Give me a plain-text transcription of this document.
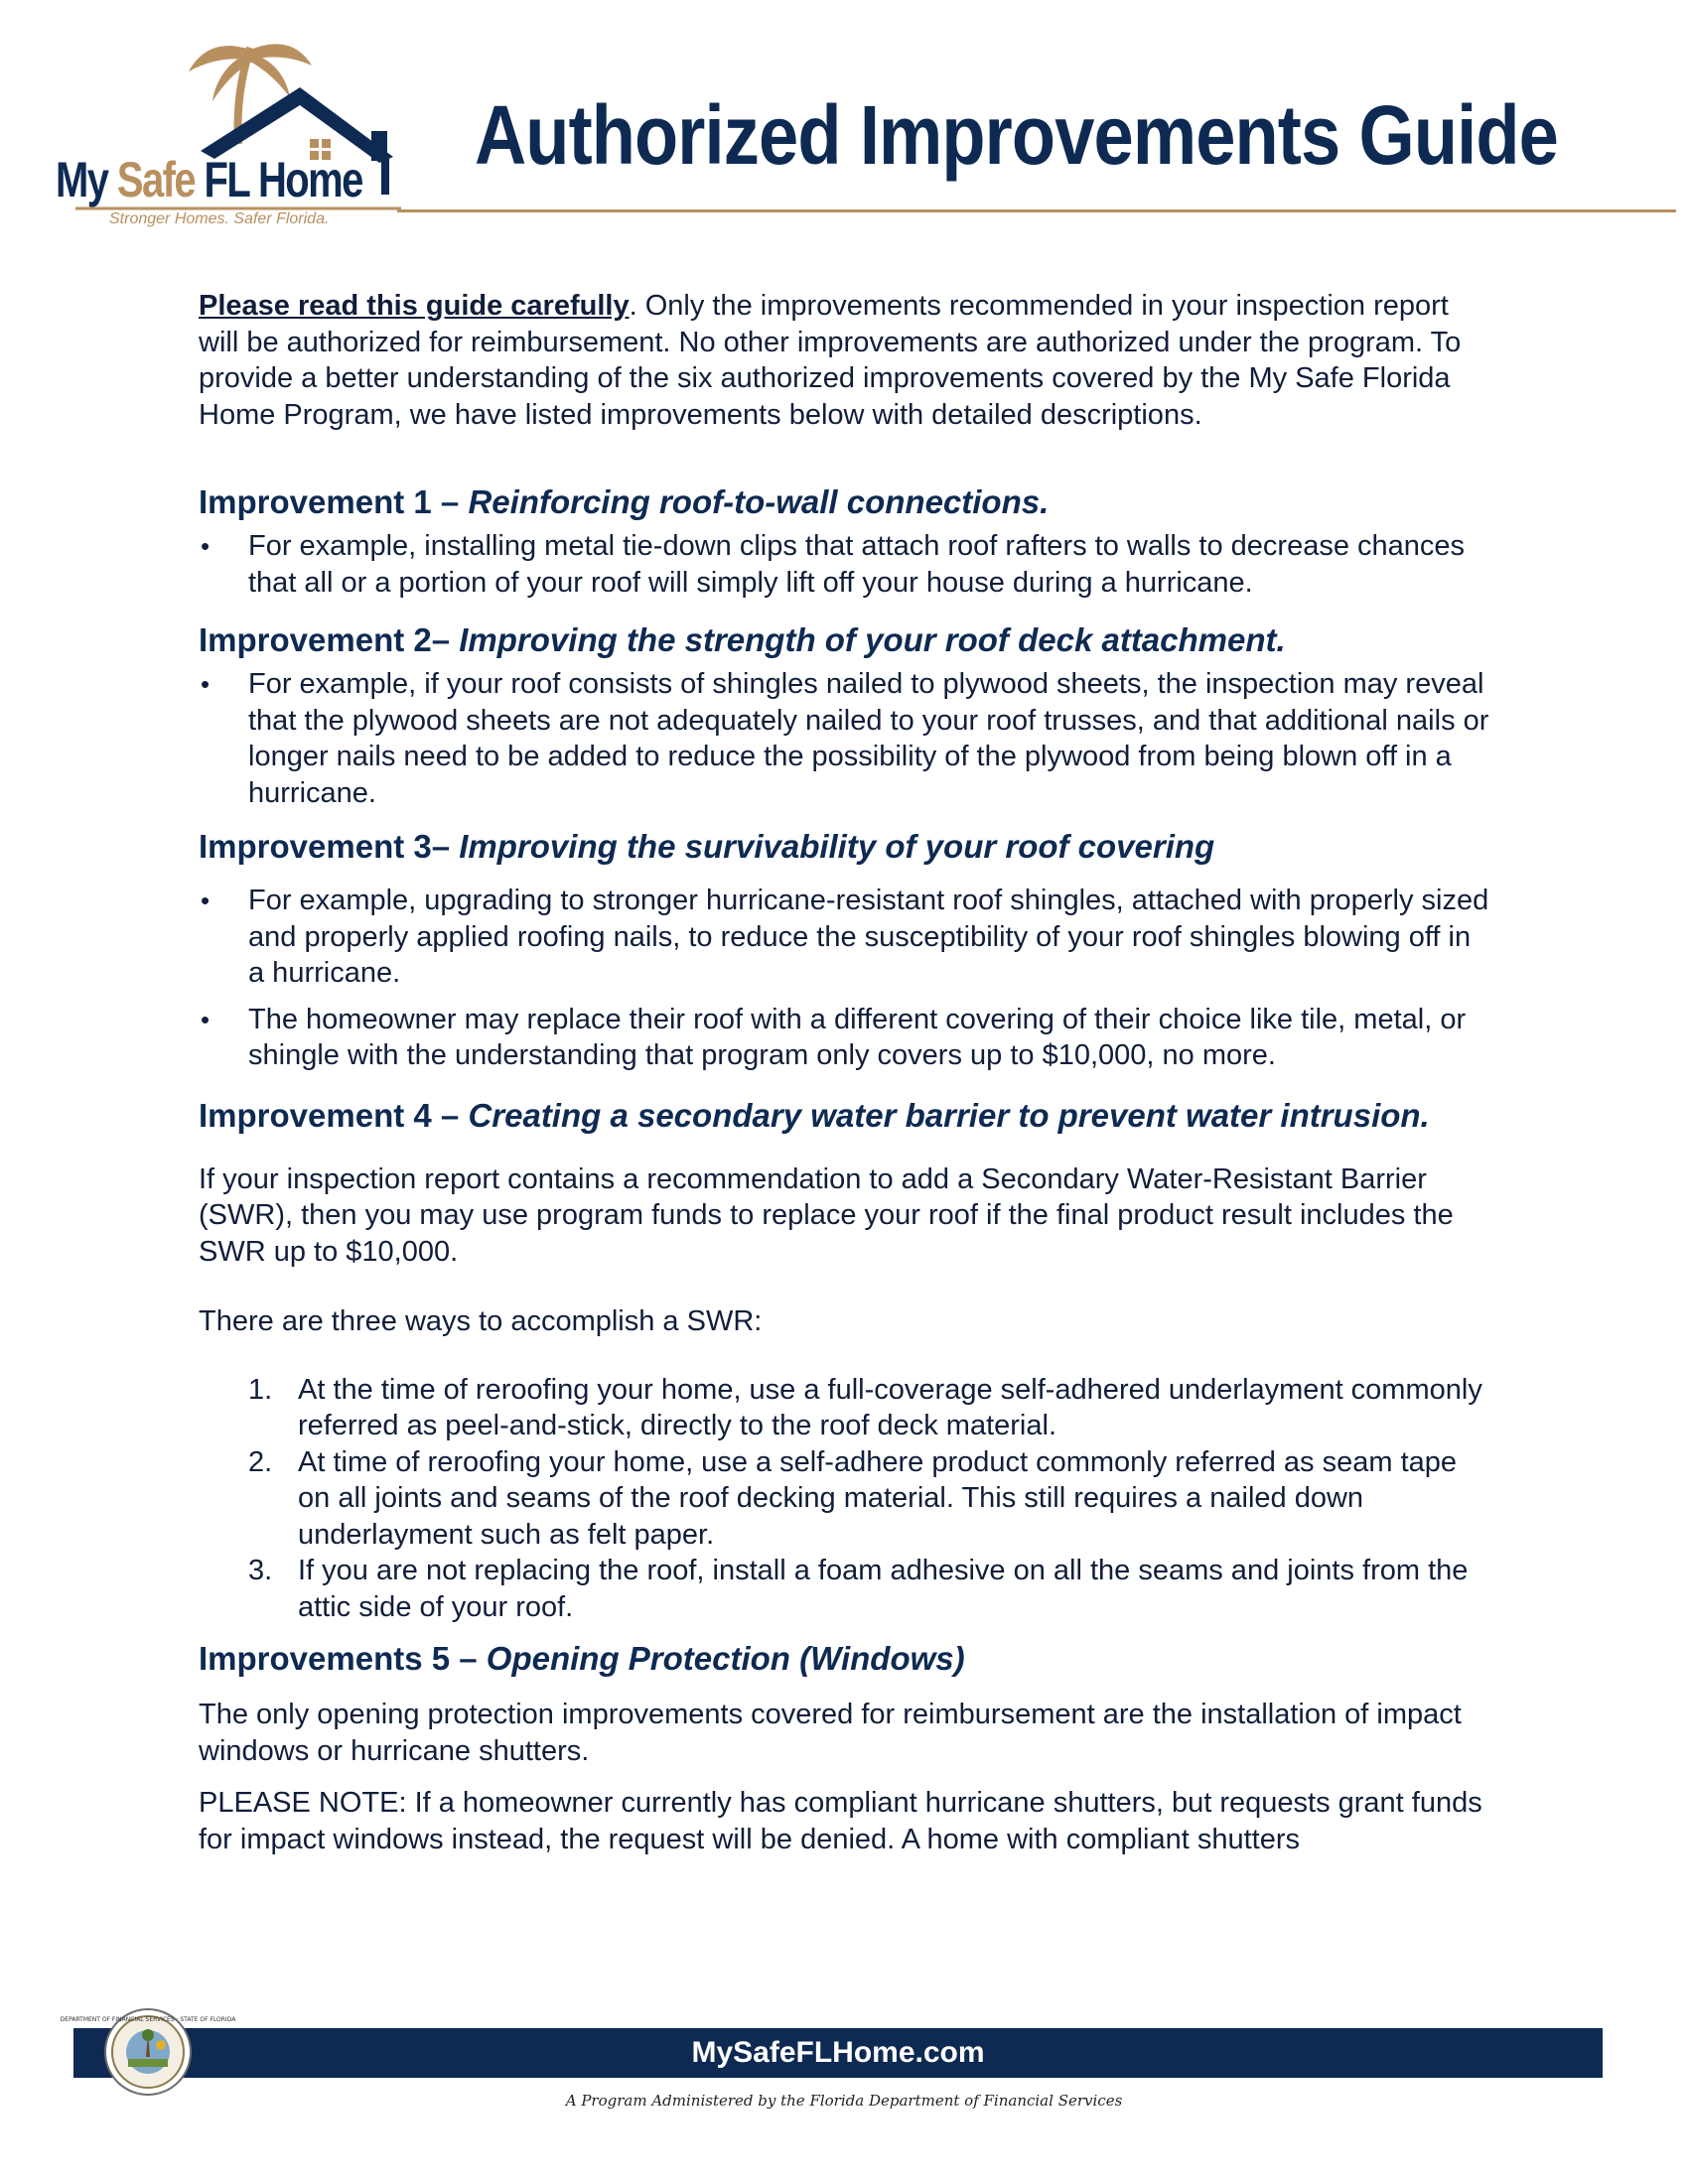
My Safe FL Home
Stronger Homes. Safer Florida.
Authorized Improvements Guide

Please read this guide carefully. Only the improvements recommended in your inspection report will be authorized for reimbursement. No other improvements are authorized under the program. To provide a better understanding of the six authorized improvements covered by the My Safe Florida Home Program, we have listed improvements below with detailed descriptions.

Improvement 1 – Reinforcing roof-to-wall connections.
• For example, installing metal tie-down clips that attach roof rafters to walls to decrease chances that all or a portion of your roof will simply lift off your house during a hurricane.
Improvement 2– Improving the strength of your roof deck attachment.
• For example, if your roof consists of shingles nailed to plywood sheets, the inspection may reveal that the plywood sheets are not adequately nailed to your roof trusses, and that additional nails or longer nails need to be added to reduce the possibility of the plywood from being blown off in a hurricane.
Improvement 3– Improving the survivability of your roof covering
• For example, upgrading to stronger hurricane-resistant roof shingles, attached with properly sized and properly applied roofing nails, to reduce the susceptibility of your roof shingles blowing off in a hurricane.
• The homeowner may replace their roof with a different covering of their choice like tile, metal, or shingle with the understanding that program only covers up to $10,000, no more.
Improvement 4 – Creating a secondary water barrier to prevent water intrusion.

If your inspection report contains a recommendation to add a Secondary Water-Resistant Barrier (SWR), then you may use program funds to replace your roof if the final product result includes the SWR up to $10,000.

There are three ways to accomplish a SWR:

1. At the time of reroofing your home, use a full-coverage self-adhered underlayment commonly referred as peel-and-stick, directly to the roof deck material.
2. At time of reroofing your home, use a self-adhere product commonly referred as seam tape on all joints and seams of the roof decking material. This still requires a nailed down underlayment such as felt paper.
3. If you are not replacing the roof, install a foam adhesive on all the seams and joints from the attic side of your roof.
Improvements 5 – Opening Protection (Windows)

The only opening protection improvements covered for reimbursement are the installation of impact windows or hurricane shutters.

PLEASE NOTE: If a homeowner currently has compliant hurricane shutters, but requests grant funds for impact windows instead, the request will be denied. A home with compliant shutters

MySafeFLHome.com
DEPARTMENT OF FINANCIAL SERVICES · STATE OF FLORIDA
A Program Administered by the Florida Department of Financial Services
